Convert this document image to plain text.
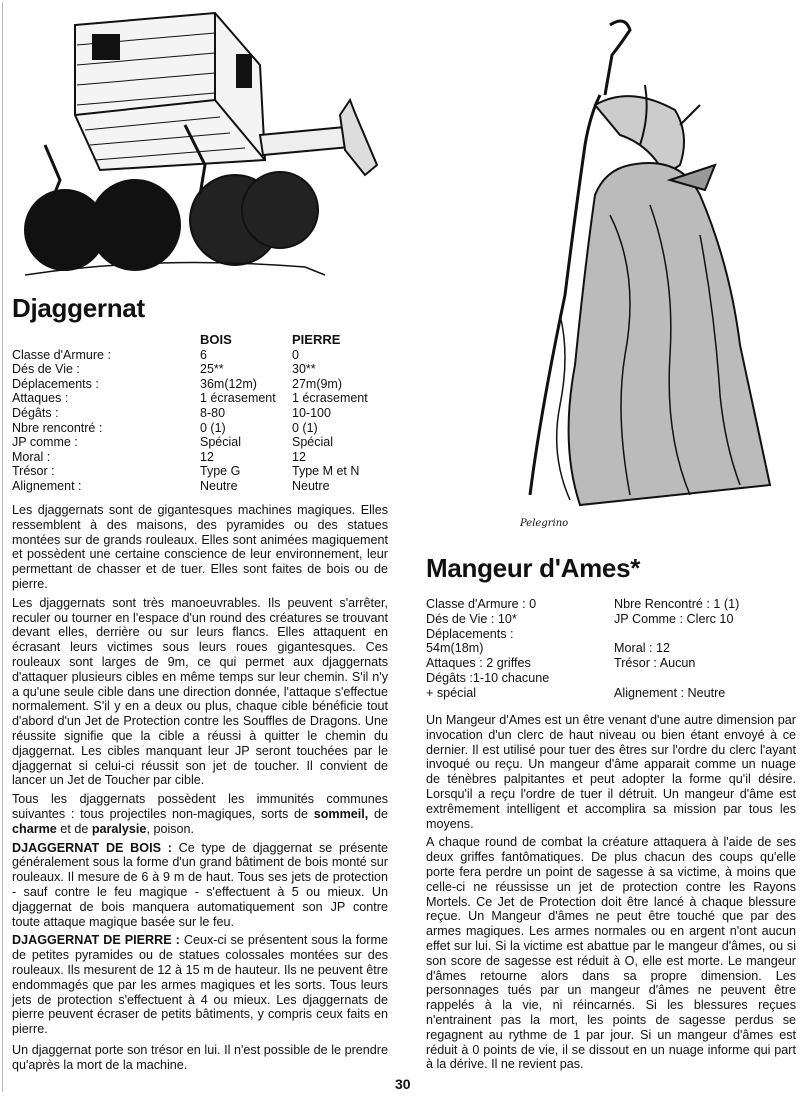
Pelegrino
Djaggernat
	BOIS	PIERRE
Classe d'Armure :	6	0
Dés de Vie :	25**	30**
Déplacements :	36m(12m)	27m(9m)
Attaques :	1 écrasement	1 écrasement
Dégâts :	8-80	10-100
Nbre rencontré :	0 (1)	0 (1)
JP comme :	Spécial	Spécial
Moral :	12	12
Trésor :	Type G	Type M et N
Alignement :	Neutre	Neutre

Les djaggernats sont de gigantesques machines magiques. Elles ressemblent à des maisons, des pyramides ou des statues montées sur de grands rouleaux. Elles sont animées magiquement et possèdent une certaine conscience de leur environnement, leur permettant de chasser et de tuer. Elles sont faites de bois ou de pierre.

Les djaggernats sont très manoeuvrables. Ils peuvent s'arrêter, reculer ou tourner en l'espace d'un round des créatures se trouvant devant elles, derrière ou sur leurs flancs. Elles attaquent en écrasant leurs victimes sous leurs roues gigantesques. Ces rouleaux sont larges de 9m, ce qui permet aux djaggernats d'attaquer plusieurs cibles en même temps sur leur chemin. S'il n'y a qu'une seule cible dans une direction donnée, l'attaque s'effectue normalement. S'il y en a deux ou plus, chaque cible bénéficie tout d'abord d'un Jet de Protection contre les Souffles de Dragons. Une réussite signifie que la cible a réussi à quitter le chemin du djaggernat. Les cibles manquant leur JP seront touchées par le djaggernat si celui-ci réussit son jet de toucher. Il convient de lancer un Jet de Toucher par cible.

Tous les djaggernats possèdent les immunités communes suivantes : tous projectiles non-magiques, sorts de sommeil, de charme et de paralysie, poison.

DJAGGERNAT DE BOIS : Ce type de djaggernat se présente généralement sous la forme d'un grand bâtiment de bois monté sur rouleaux. Il mesure de 6 à 9 m de haut. Tous ses jets de protection - sauf contre le feu magique - s'effectuent à 5 ou mieux. Un djaggernat de bois manquera automatiquement son JP contre toute attaque magique basée sur le feu.

DJAGGERNAT DE PIERRE : Ceux-ci se présentent sous la forme de petites pyramides ou de statues colossales montées sur des rouleaux. Ils mesurent de 12 à 15 m de hauteur. Ils ne peuvent être endommagés que par les armes magiques et les sorts. Tous leurs jets de protection s'effectuent à 4 ou mieux. Les djaggernats de pierre peuvent écraser de petits bâtiments, y compris ceux faits en pierre.

Un djaggernat porte son trésor en lui. Il n'est possible de le prendre qu'après la mort de la machine.

Mangeur d'Ames*
Classe d'Armure : 0	Nbre Rencontré : 1 (1)
Dés de Vie : 10*	JP Comme : Clerc 10
Déplacements :
54m(18m)	Moral : 12
Attaques : 2 griffes	Trésor : Aucun
Dégâts :1-10 chacune
+ spécial	Alignement : Neutre

Un Mangeur d'Ames est un être venant d'une autre dimension par invocation d'un clerc de haut niveau ou bien étant envoyé à ce dernier. Il est utilisé pour tuer des êtres sur l'ordre du clerc l'ayant invoqué ou reçu. Un mangeur d'âme apparait comme un nuage de ténèbres palpitantes et peut adopter la forme qu'il désire. Lorsqu'il a reçu l'ordre de tuer il détruit. Un mangeur d'âme est extrêmement intelligent et accomplira sa mission par tous les moyens.

A chaque round de combat la créature attaquera à l'aide de ses deux griffes fantômatiques. De plus chacun des coups qu'elle porte fera perdre un point de sagesse à sa victime, à moins que celle-ci ne réussisse un jet de protection contre les Rayons Mortels. Ce Jet de Protection doit être lancé à chaque blessure reçue. Un Mangeur d'âmes ne peut être touché que par des armes magiques. Les armes normales ou en argent n'ont aucun effet sur lui. Si la victime est abattue par le mangeur d'âmes, ou si son score de sagesse est réduit à O, elle est morte. Le mangeur d'âmes retourne alors dans sa propre dimension. Les personnages tués par un mangeur d'âmes ne peuvent être rappelés à la vie, ni réincarnés. Si les blessures reçues n'entrainent pas la mort, les points de sagesse perdus se regagnent au rythme de 1 par jour. Si un mangeur d'âmes est réduit à 0 points de vie, il se dissout en un nuage informe qui part à la dérive. Il ne revient pas.

30
